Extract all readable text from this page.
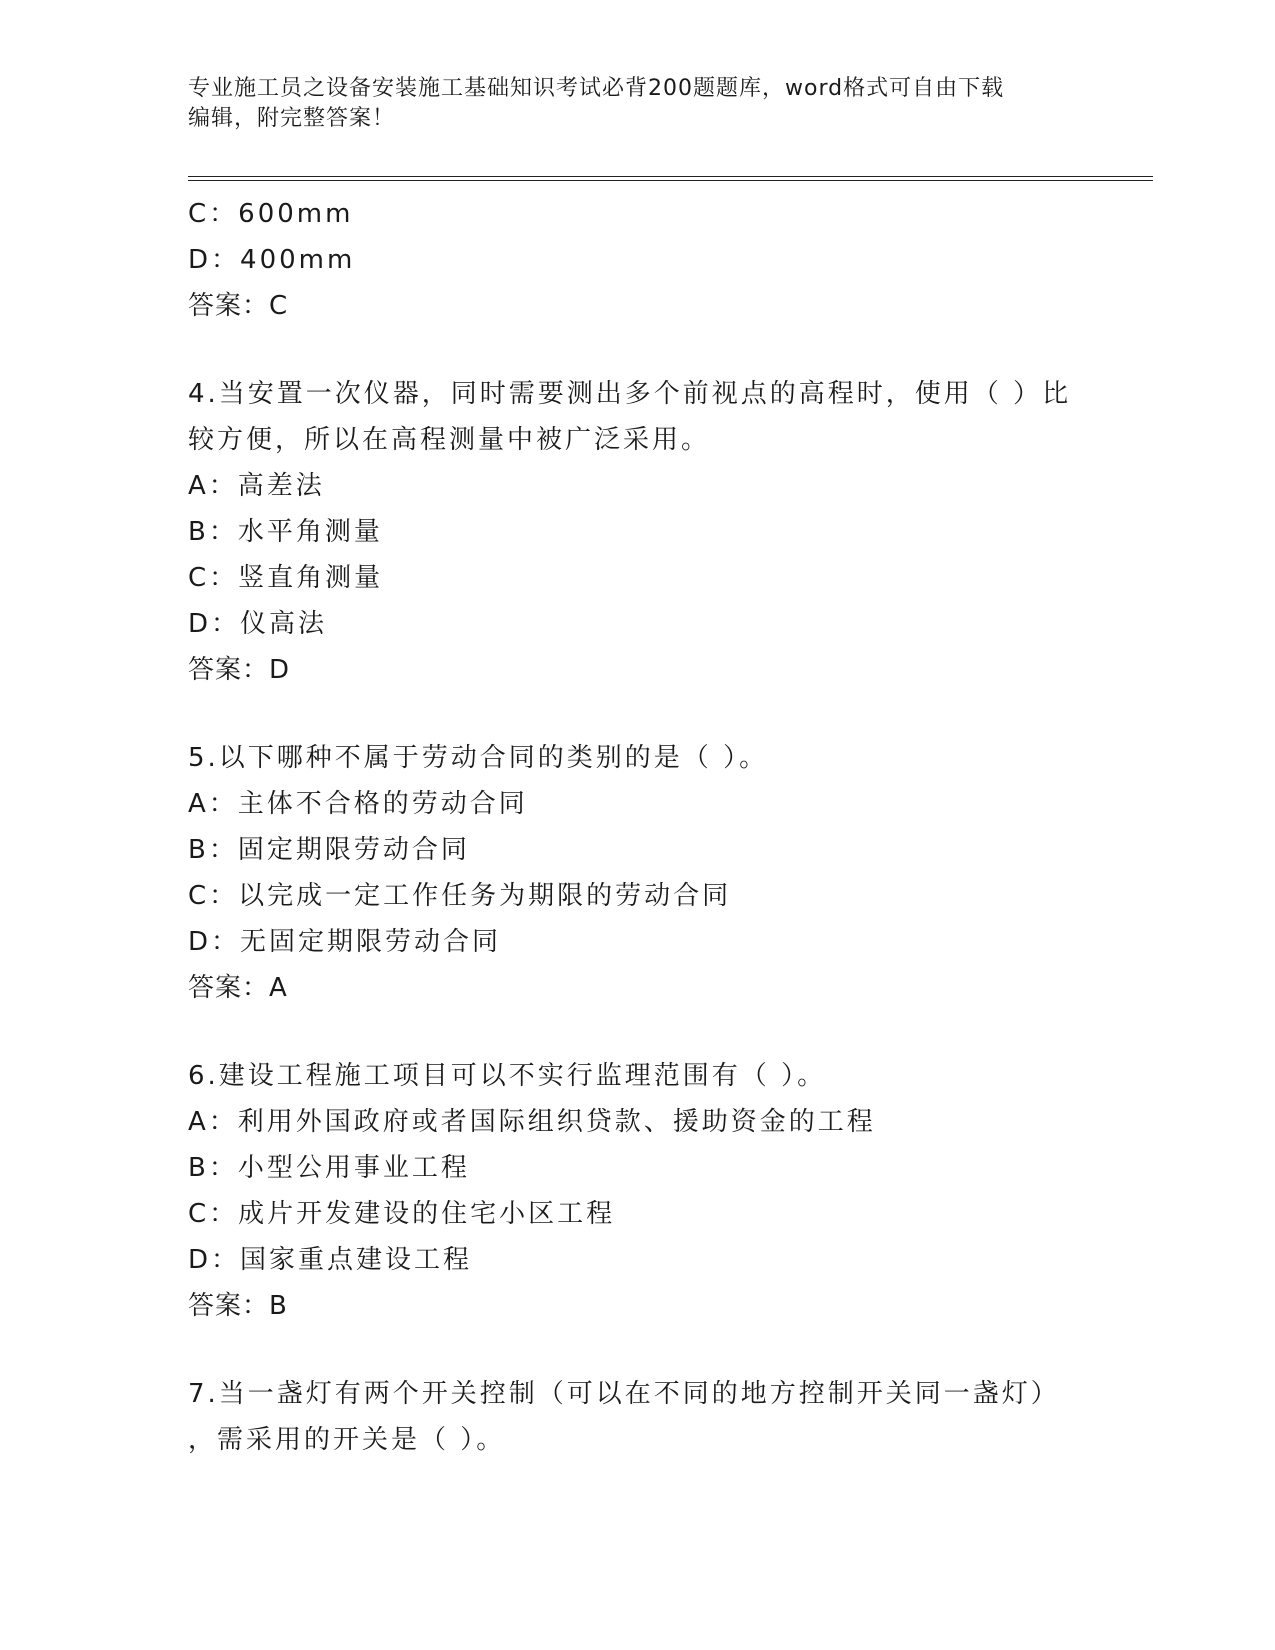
专业施工员之设备安装施工基础知识考试必背200题题库，word格式可自由下载
编辑，附完整答案！
C：600mm
D：400mm
答案：C
4.当安置一次仪器，同时需要测出多个前视点的高程时，使用（ ）比
较方便，所以在高程测量中被广泛采用。
A：高差法
B：水平角测量
C：竖直角测量
D：仪高法
答案：D
5.以下哪种不属于劳动合同的类别的是（ ）。
A：主体不合格的劳动合同
B：固定期限劳动合同
C：以完成一定工作任务为期限的劳动合同
D：无固定期限劳动合同
答案：A
6.建设工程施工项目可以不实行监理范围有（ ）。
A：利用外国政府或者国际组织贷款、援助资金的工程
B：小型公用事业工程
C：成片开发建设的住宅小区工程
D：国家重点建设工程
答案：B
7.当一盏灯有两个开关控制（可以在不同的地方控制开关同一盏灯）
，需采用的开关是（ ）。
